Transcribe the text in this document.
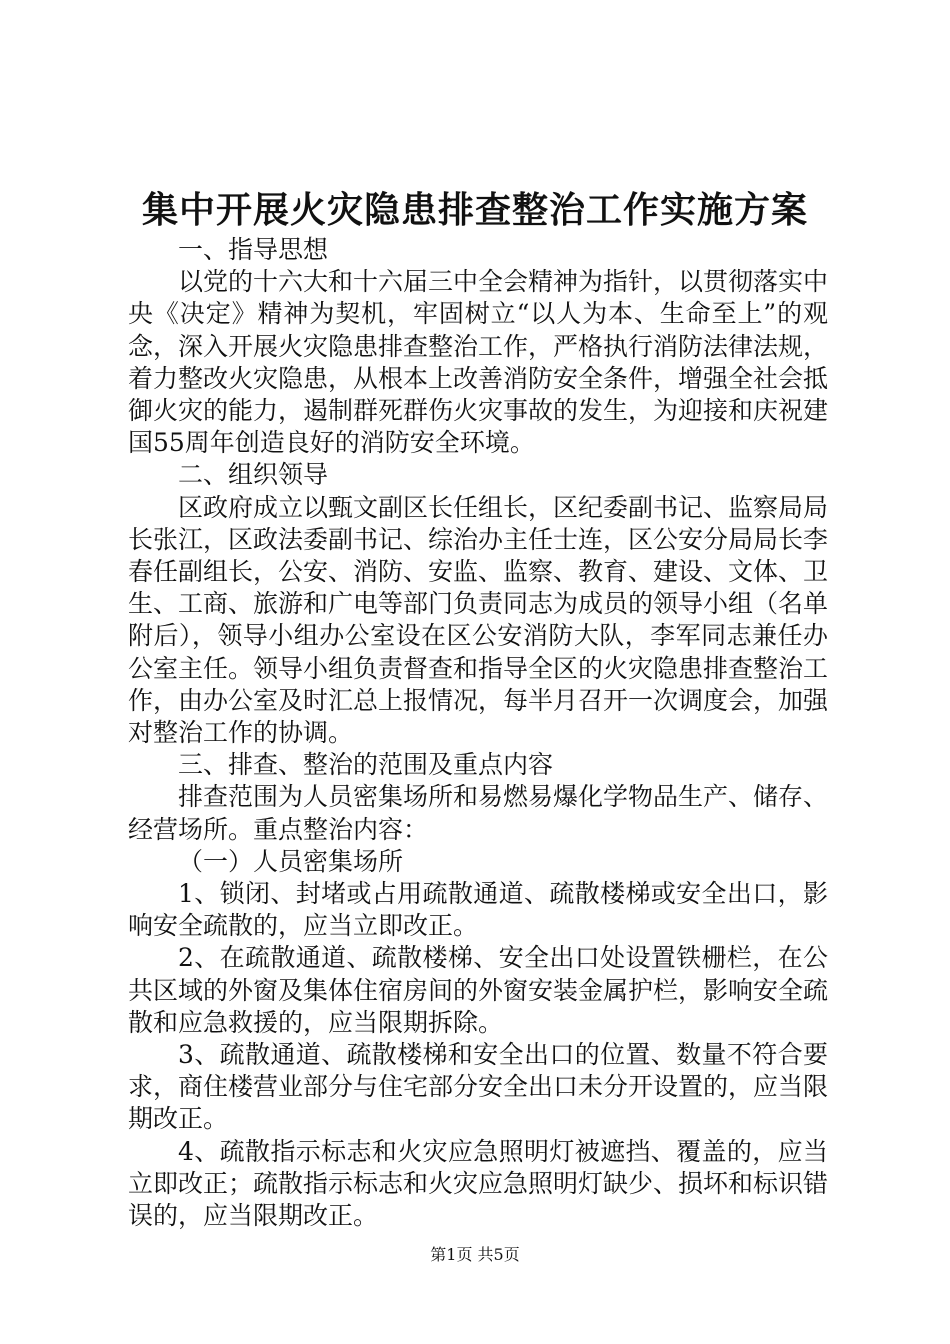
集中开展火灾隐患排查整治工作实施方案

一、指导思想

以党的十六大和十六届三中全会精神为指针，以贯彻落实中央《决定》精神为契机，牢固树立“以人为本、生命至上”的观念，深入开展火灾隐患排查整治工作，严格执行消防法律法规，着力整改火灾隐患，从根本上改善消防安全条件，增强全社会抵御火灾的能力，遏制群死群伤火灾事故的发生，为迎接和庆祝建国55周年创造良好的消防安全环境。

二、组织领导

区政府成立以甄文副区长任组长，区纪委副书记、监察局局长张江，区政法委副书记、综治办主任士连，区公安分局局长李春任副组长，公安、消防、安监、监察、教育、建设、文体、卫生、工商、旅游和广电等部门负责同志为成员的领导小组（名单附后），领导小组办公室设在区公安消防大队，李军同志兼任办公室主任。领导小组负责督查和指导全区的火灾隐患排查整治工作，由办公室及时汇总上报情况，每半月召开一次调度会，加强对整治工作的协调。

三、排查、整治的范围及重点内容

排查范围为人员密集场所和易燃易爆化学物品生产、储存、经营场所。重点整治内容：

（一）人员密集场所

1、锁闭、封堵或占用疏散通道、疏散楼梯或安全出口，影响安全疏散的，应当立即改正。

2、在疏散通道、疏散楼梯、安全出口处设置铁栅栏，在公共区域的外窗及集体住宿房间的外窗安装金属护栏，影响安全疏散和应急救援的，应当限期拆除。

3、疏散通道、疏散楼梯和安全出口的位置、数量不符合要求，商住楼营业部分与住宅部分安全出口未分开设置的，应当限期改正。

4、疏散指示标志和火灾应急照明灯被遮挡、覆盖的，应当立即改正；疏散指示标志和火灾应急照明灯缺少、损坏和标识错误的，应当限期改正。

第1页 共5页
